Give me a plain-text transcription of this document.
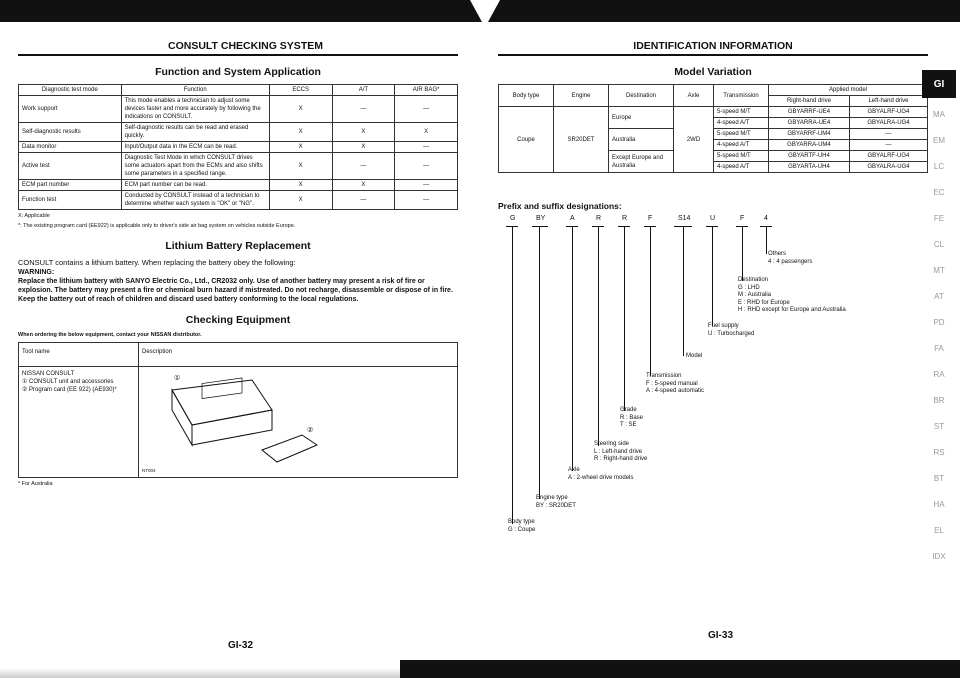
CONSULT CHECKING SYSTEM
Function and System Application
Diagnostic test mode	Function	ECCS	A/T	AIR BAG*
Work support	This mode enables a technician to adjust some devices faster and more accurately by following the indications on CONSULT.	X	—	—
Self-diagnostic results	Self-diagnostic results can be read and erased quickly.	X	X	X
Data monitor	Input/Output data in the ECM can be read.	X	X	—
Active test	Diagnostic Test Mode in which CONSULT drives some actuators apart from the ECMs and also shifts some parameters in a specified range.	X	—	—
ECM part number	ECM part number can be read.	X	X	—
Function test	Conducted by CONSULT instead of a technician to determine whether each system is "OK" or "NG".	X	—	—
X: Applicable
*: The existing program card (EE922) is applicable only to driver's side air bag system on vehicles outside Europe.
Lithium Battery Replacement
CONSULT contains a lithium battery. When replacing the battery obey the following:
WARNING:
Replace the lithium battery with SANYO Electric Co., Ltd., CR2032 only. Use of another battery may present a risk of fire or explosion. The battery may present a fire or chemical burn hazard if mistreated. Do not recharge, disassemble or dispose of in fire. Keep the battery out of reach of children and discard used battery conforming to the local regulations.
Checking Equipment
When ordering the below equipment, contact your NISSAN distributor.
Tool name
NISSAN CONSULT
① CONSULT unit and accessories
② Program card (EE 922) (AE930)*
Description
①
②
NT004
* For Australia
GI-32
IDENTIFICATION INFORMATION
Model Variation
Body type	Engine	Destination	Axle	Transmission	Applied model	
					Right-hand drive	Left-hand drive
Coupe	SR20DET	Europe	2WD	5-speed M/T	GBYARRF-UE4	GBYALRF-UG4
				4-speed A/T	GBYARRA-UE4	GBYALRA-UG4
		Australia		5-speed M/T	GBYARRF-UM4	—
				4-speed A/T	GBYARRA-UM4	—
		Except Europe and Australia		5-speed M/T	GBYARTF-UH4	GBYALRF-UG4
				4-speed A/T	GBYARTA-UH4	GBYALRA-UG4
Prefix and suffix designations:
G	BY	A	R	R	F	S14	U	F	4
Others
4 : 4 passengers
Destination
G : LHD
M : Australia
E : RHD for Europe
H : RHD except for Europe and Australia
Fuel supply
U : Turbocharged
Model
Transmission
F : 5-speed manual
A : 4-speed automatic
Grade
R : Base
T : SE
Steering side
L : Left-hand drive
R : Right-hand drive
Axle
A : 2-wheel drive models
Engine type
BY : SR20DET
Body type
G : Coupe
GI-33
GI
MA
EM
LC
EC
FE
CL
MT
AT
PD
FA
RA
BR
ST
RS
BT
HA
EL
IDX
